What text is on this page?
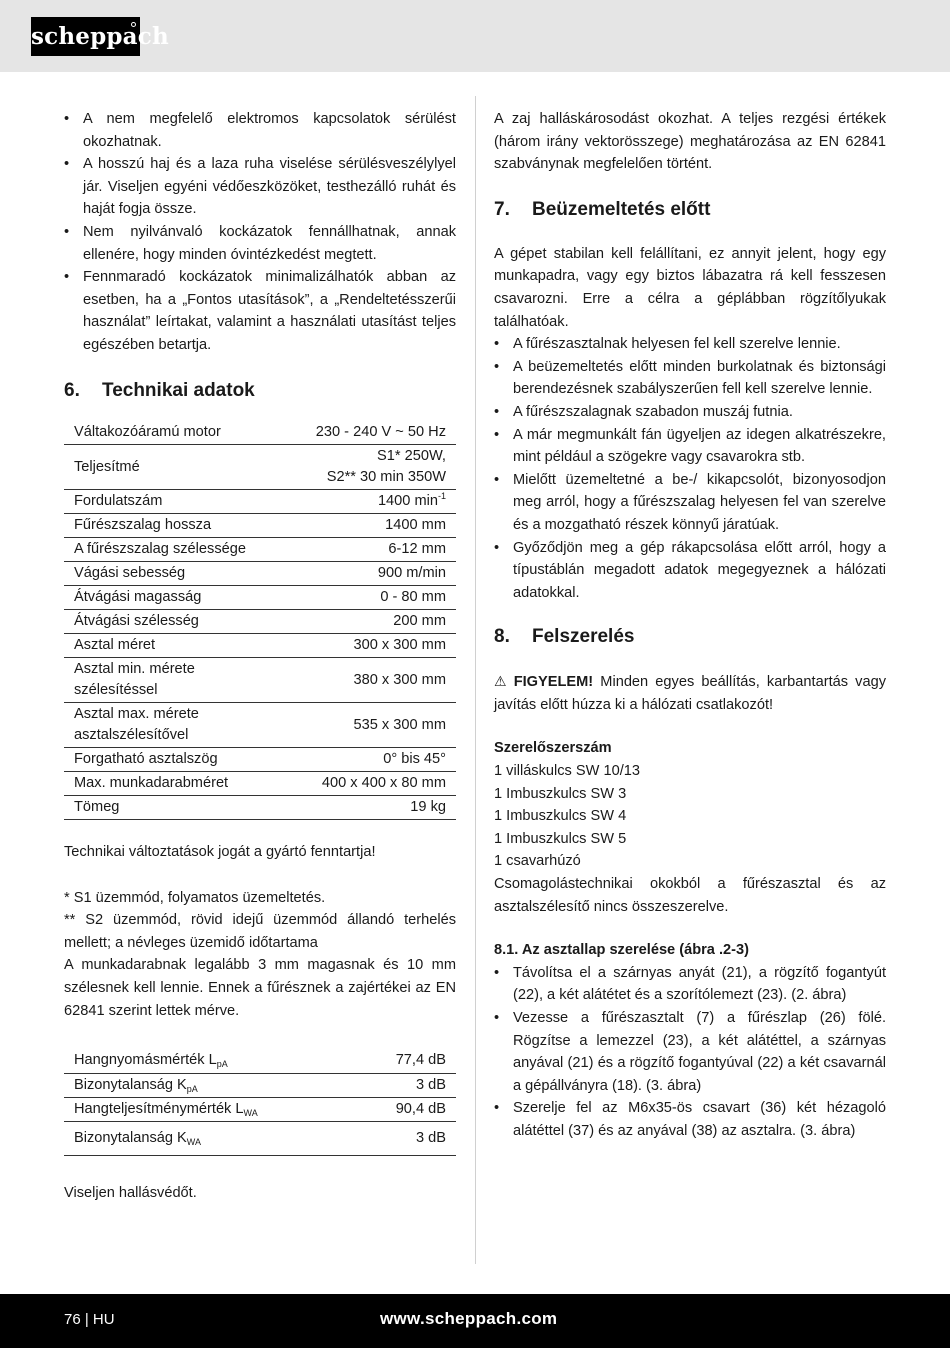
scheppach
• A nem megfelelő elektromos kapcsolatok sérülést okozhatnak.
• A hosszú haj és a laza ruha viselése sérülésveszélylyel jár. Viseljen egyéni védőeszközöket, testhezálló ruhát és haját fogja össze.
• Nem nyilvánvaló kockázatok fennállhatnak, annak ellenére, hogy minden óvintézkedést megtett.
• Fennmaradó kockázatok minimalizálhatók abban az esetben, ha a „Fontos utasítások”, a „Rendeltetésszerűi használat” leírtakat, valamint a használati utasítást teljes egészében betartja.
6. Technikai adatok
Váltakozóáramú motor	230 - 240 V ~ 50 Hz
Teljesítmé	S1* 250W,
S2** 30 min 350W

Fordulatszám	1400 $\min^{-1}$
Fűrészszalag hossza	1400 mm
A fűrészszalag szélessége	6-12 mm
Vágási sebesség	900 m/min
Átvágási magasság	0 - 80 mm
Átvágási szélesség	200 mm
Asztal méret	300 x 300 mm

Asztal min. mérete
szélesítéssel	380 x 300 mm

Asztal max. mérete
asztalszélesítővel	535 x 300 mm
Forgatható asztalszög	0° bis 45°
Max. munkadarabméret	400 x 400 x 80 mm
Tömeg	19 kg

Technikai változtatások jogát a gyártó fenntartja!

* S1 üzemmód, folyamatos üzemeltetés.

** S2 üzemmód, rövid idejű üzemmód állandó terhelés mellett; a névleges üzemidő időtartama

A munkadarabnak legalább 3 mm magasnak és 10 mm szélesnek kell lennie. Ennek a fűrésznek a zajértékei az EN 62841 szerint lettek mérve.

Hangnyomásmérték $L_{pA}$	77,4 dB
Bizonytalanság $K_{pA}$	3 dB
Hangteljesítménymérték $L_{WA}$	90,4 dB
Bizonytalanság $K_{WA}$	3 dB

Viseljen hallásvédőt.

A zaj halláskárosodást okozhat. A teljes rezgési értékek (három irány vektorösszege) meghatározása az EN 62841 szabványnak megfelelően történt.

7. Beüzemeltetés előtt

A gépet stabilan kell felállítani, ez annyit jelent, hogy egy munkapadra, vagy egy biztos lábazatra rá kell fesszesen csavarozni. Erre a célra a géplábban rögzítőlyukak találhatóak.

• A fűrészasztalnak helyesen fel kell szerelve lennie.
• A beüzemeltetés előtt minden burkolatnak és biztonsági berendezésnek szabályszerűen fell kell szerelve lennie.
• A fűrészszalagnak szabadon muszáj futnia.
• A már megmunkált fán ügyeljen az idegen alkatrészekre, mint például a szögekre vagy csavarokra stb.
• Mielőtt üzemeltetné a be-/ kikapcsolót, bizonyosodjon meg arról, hogy a fűrészszalag helyesen fel van szerelve és a mozgatható részek könnyű járatúak.
• Győződjön meg a gép rákapcsolása előtt arról, hogy a típustáblán megadott adatok megegyeznek a hálózati adatokkal.
8. Felszerelés

⚠ FIGYELEM! Minden egyes beállítás, karbantartás vagy javítás előtt húzza ki a hálózati csatlakozót!

Szerelőszerszám

1 villáskulcs SW 10/13
1 Imbuszkulcs SW 3
1 Imbuszkulcs SW 4
1 Imbuszkulcs SW 5
1 csavarhúzó

Csomagolástechnikai okokból a fűrészasztal és az asztalszélesítő nincs összeszerelve.

8.1. Az asztallap szerelése (ábra .2-3)

• Távolítsa el a szárnyas anyát (21), a rögzítő fogantyút (22), a két alátétet és a szorítólemezt (23). (2. ábra)
• Vezesse a fűrészasztalt (7) a fűrészlap (26) fölé. Rögzítse a lemezzel (23), a két alátéttel, a szárnyas anyával (21) és a rögzítő fogantyúval (22) a két csavarnál a gépállványra (18). (3. ábra)
• Szerelje fel az M6x35-ös csavart (36) két hézagoló alátéttel (37) és az anyával (38) az asztalra. (3. ábra)
76 | HU	www.scheppach.com
